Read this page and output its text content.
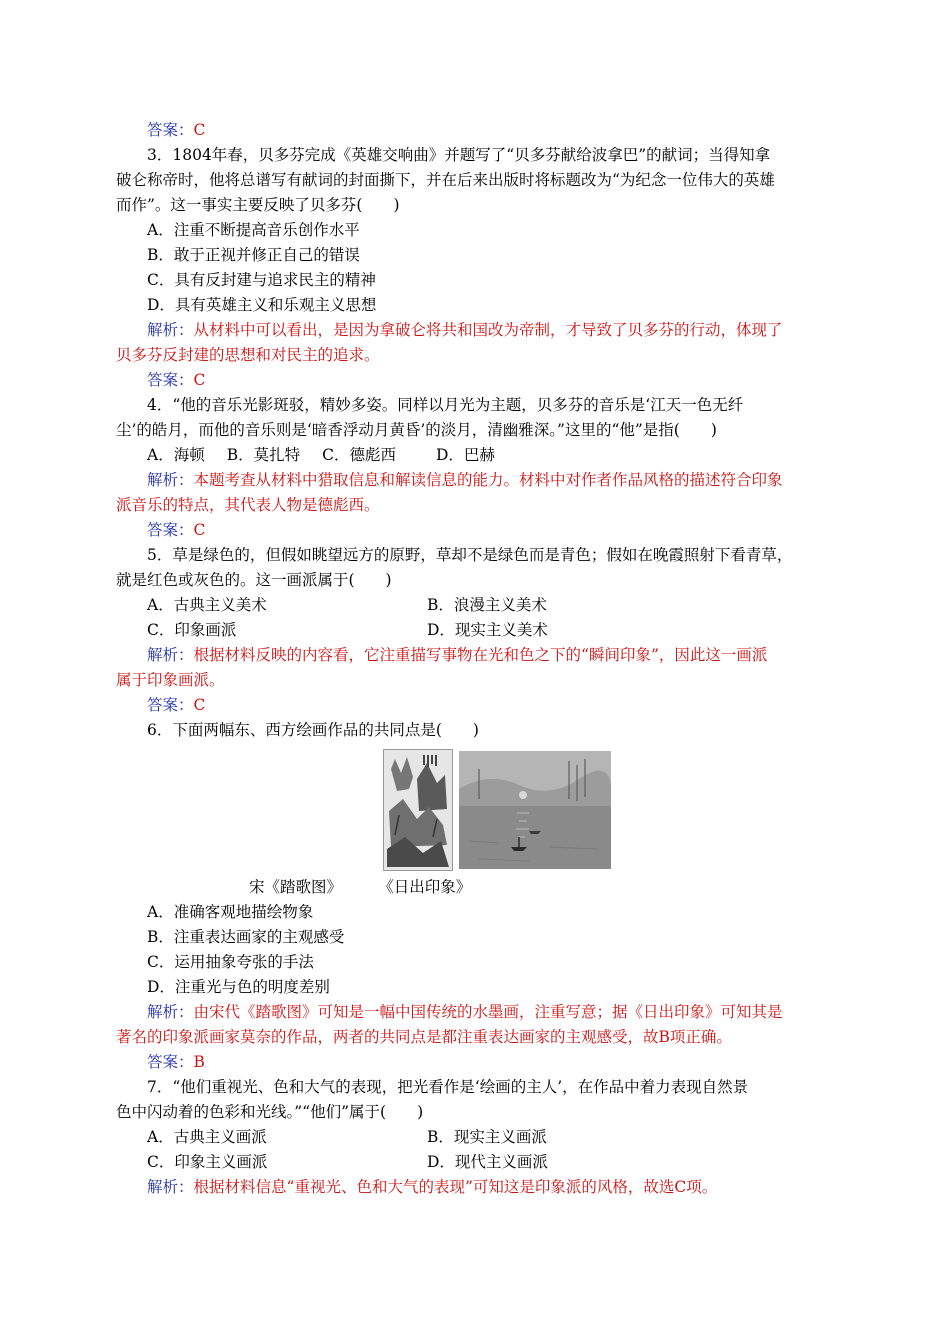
答案：C
3．1804年春，贝多芬完成《英雄交响曲》并题写了“贝多芬献给波拿巴”的献词；当得知拿
破仑称帝时，他将总谱写有献词的封面撕下，并在后来出版时将标题改为“为纪念一位伟大的英雄
而作”。这一事实主要反映了贝多芬(　　)
A．注重不断提高音乐创作水平
B．敢于正视并修正自己的错误
C．具有反封建与追求民主的精神
D．具有英雄主义和乐观主义思想
解析：从材料中可以看出，是因为拿破仑将共和国改为帝制，才导致了贝多芬的行动，体现了
贝多芬反封建的思想和对民主的追求。
答案：C
4．“他的音乐光影斑驳，精妙多姿。同样以月光为主题，贝多芬的音乐是‘江天一色无纤
尘’的皓月，而他的音乐则是‘暗香浮动月黄昏’的淡月，清幽雅深。”这里的“他”是指(　　)
A．海顿 B．莫扎特 C．德彪西	D．巴赫
解析：本题考查从材料中猎取信息和解读信息的能力。材料中对作者作品风格的描述符合印象
派音乐的特点，其代表人物是德彪西。
答案：C
5．草是绿色的，但假如眺望远方的原野，草却不是绿色而是青色；假如在晚霞照射下看青草，
就是红色或灰色的。这一画派属于(　　)
A．古典主义美术	B．浪漫主义美术
C．印象画派	D．现实主义美术
解析：根据材料反映的内容看，它注重描写事物在光和色之下的“瞬间印象”，因此这一画派
属于印象画派。
答案：C
6．下面两幅东、西方绘画作品的共同点是(　　)
宋《踏歌图》	《日出印象》
A．准确客观地描绘物象
B．注重表达画家的主观感受
C．运用抽象夸张的手法
D．注重光与色的明度差别
解析：由宋代《踏歌图》可知是一幅中国传统的水墨画，注重写意；据《日出印象》可知其是
著名的印象派画家莫奈的作品，两者的共同点是都注重表达画家的主观感受，故B项正确。
答案：B
7．“他们重视光、色和大气的表现，把光看作是‘绘画的主人’，在作品中着力表现自然景
色中闪动着的色彩和光线。”“他们”属于(　　)
A．古典主义画派	B．现实主义画派
C．印象主义画派	D．现代主义画派
解析：根据材料信息“重视光、色和大气的表现”可知这是印象派的风格，故选C项。
